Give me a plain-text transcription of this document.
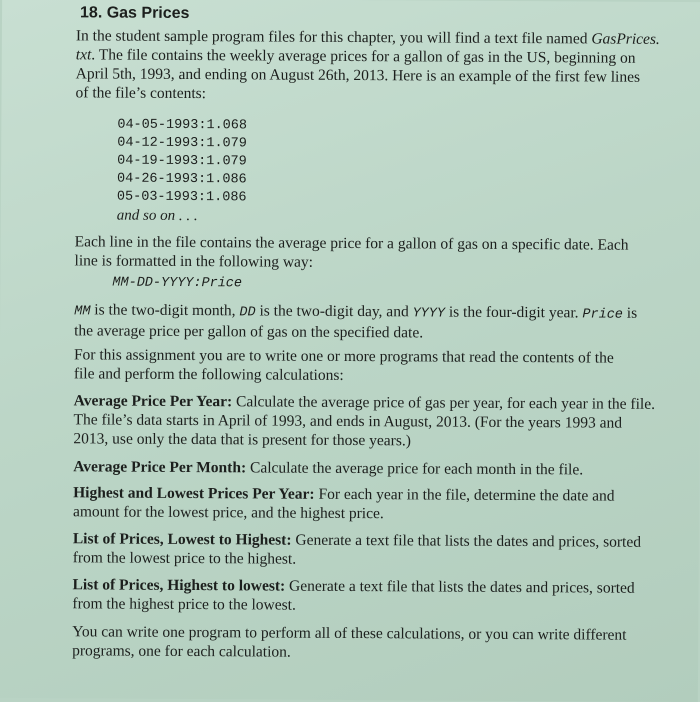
18. Gas Prices
In the student sample program files for this chapter, you will find a text file named GasPrices.
txt. The file contains the weekly average prices for a gallon of gas in the US, beginning on
April 5th, 1993, and ending on August 26th, 2013. Here is an example of the first few lines
of the file’s contents:
04-05-1993:1.068
04-12-1993:1.079
04-19-1993:1.079
04-26-1993:1.086
05-03-1993:1.086
and so on . . .
Each line in the file contains the average price for a gallon of gas on a specific date. Each
line is formatted in the following way:
MM-DD-YYYY:Price
MM is the two-digit month, DD is the two-digit day, and YYYY is the four-digit year. Price is
the average price per gallon of gas on the specified date.
For this assignment you are to write one or more programs that read the contents of the
file and perform the following calculations:
Average Price Per Year: Calculate the average price of gas per year, for each year in the file.
The file’s data starts in April of 1993, and ends in August, 2013. (For the years 1993 and
2013, use only the data that is present for those years.)
Average Price Per Month: Calculate the average price for each month in the file.
Highest and Lowest Prices Per Year: For each year in the file, determine the date and
amount for the lowest price, and the highest price.
List of Prices, Lowest to Highest: Generate a text file that lists the dates and prices, sorted
from the lowest price to the highest.
List of Prices, Highest to lowest: Generate a text file that lists the dates and prices, sorted
from the highest price to the lowest.
You can write one program to perform all of these calculations, or you can write different
programs, one for each calculation.
